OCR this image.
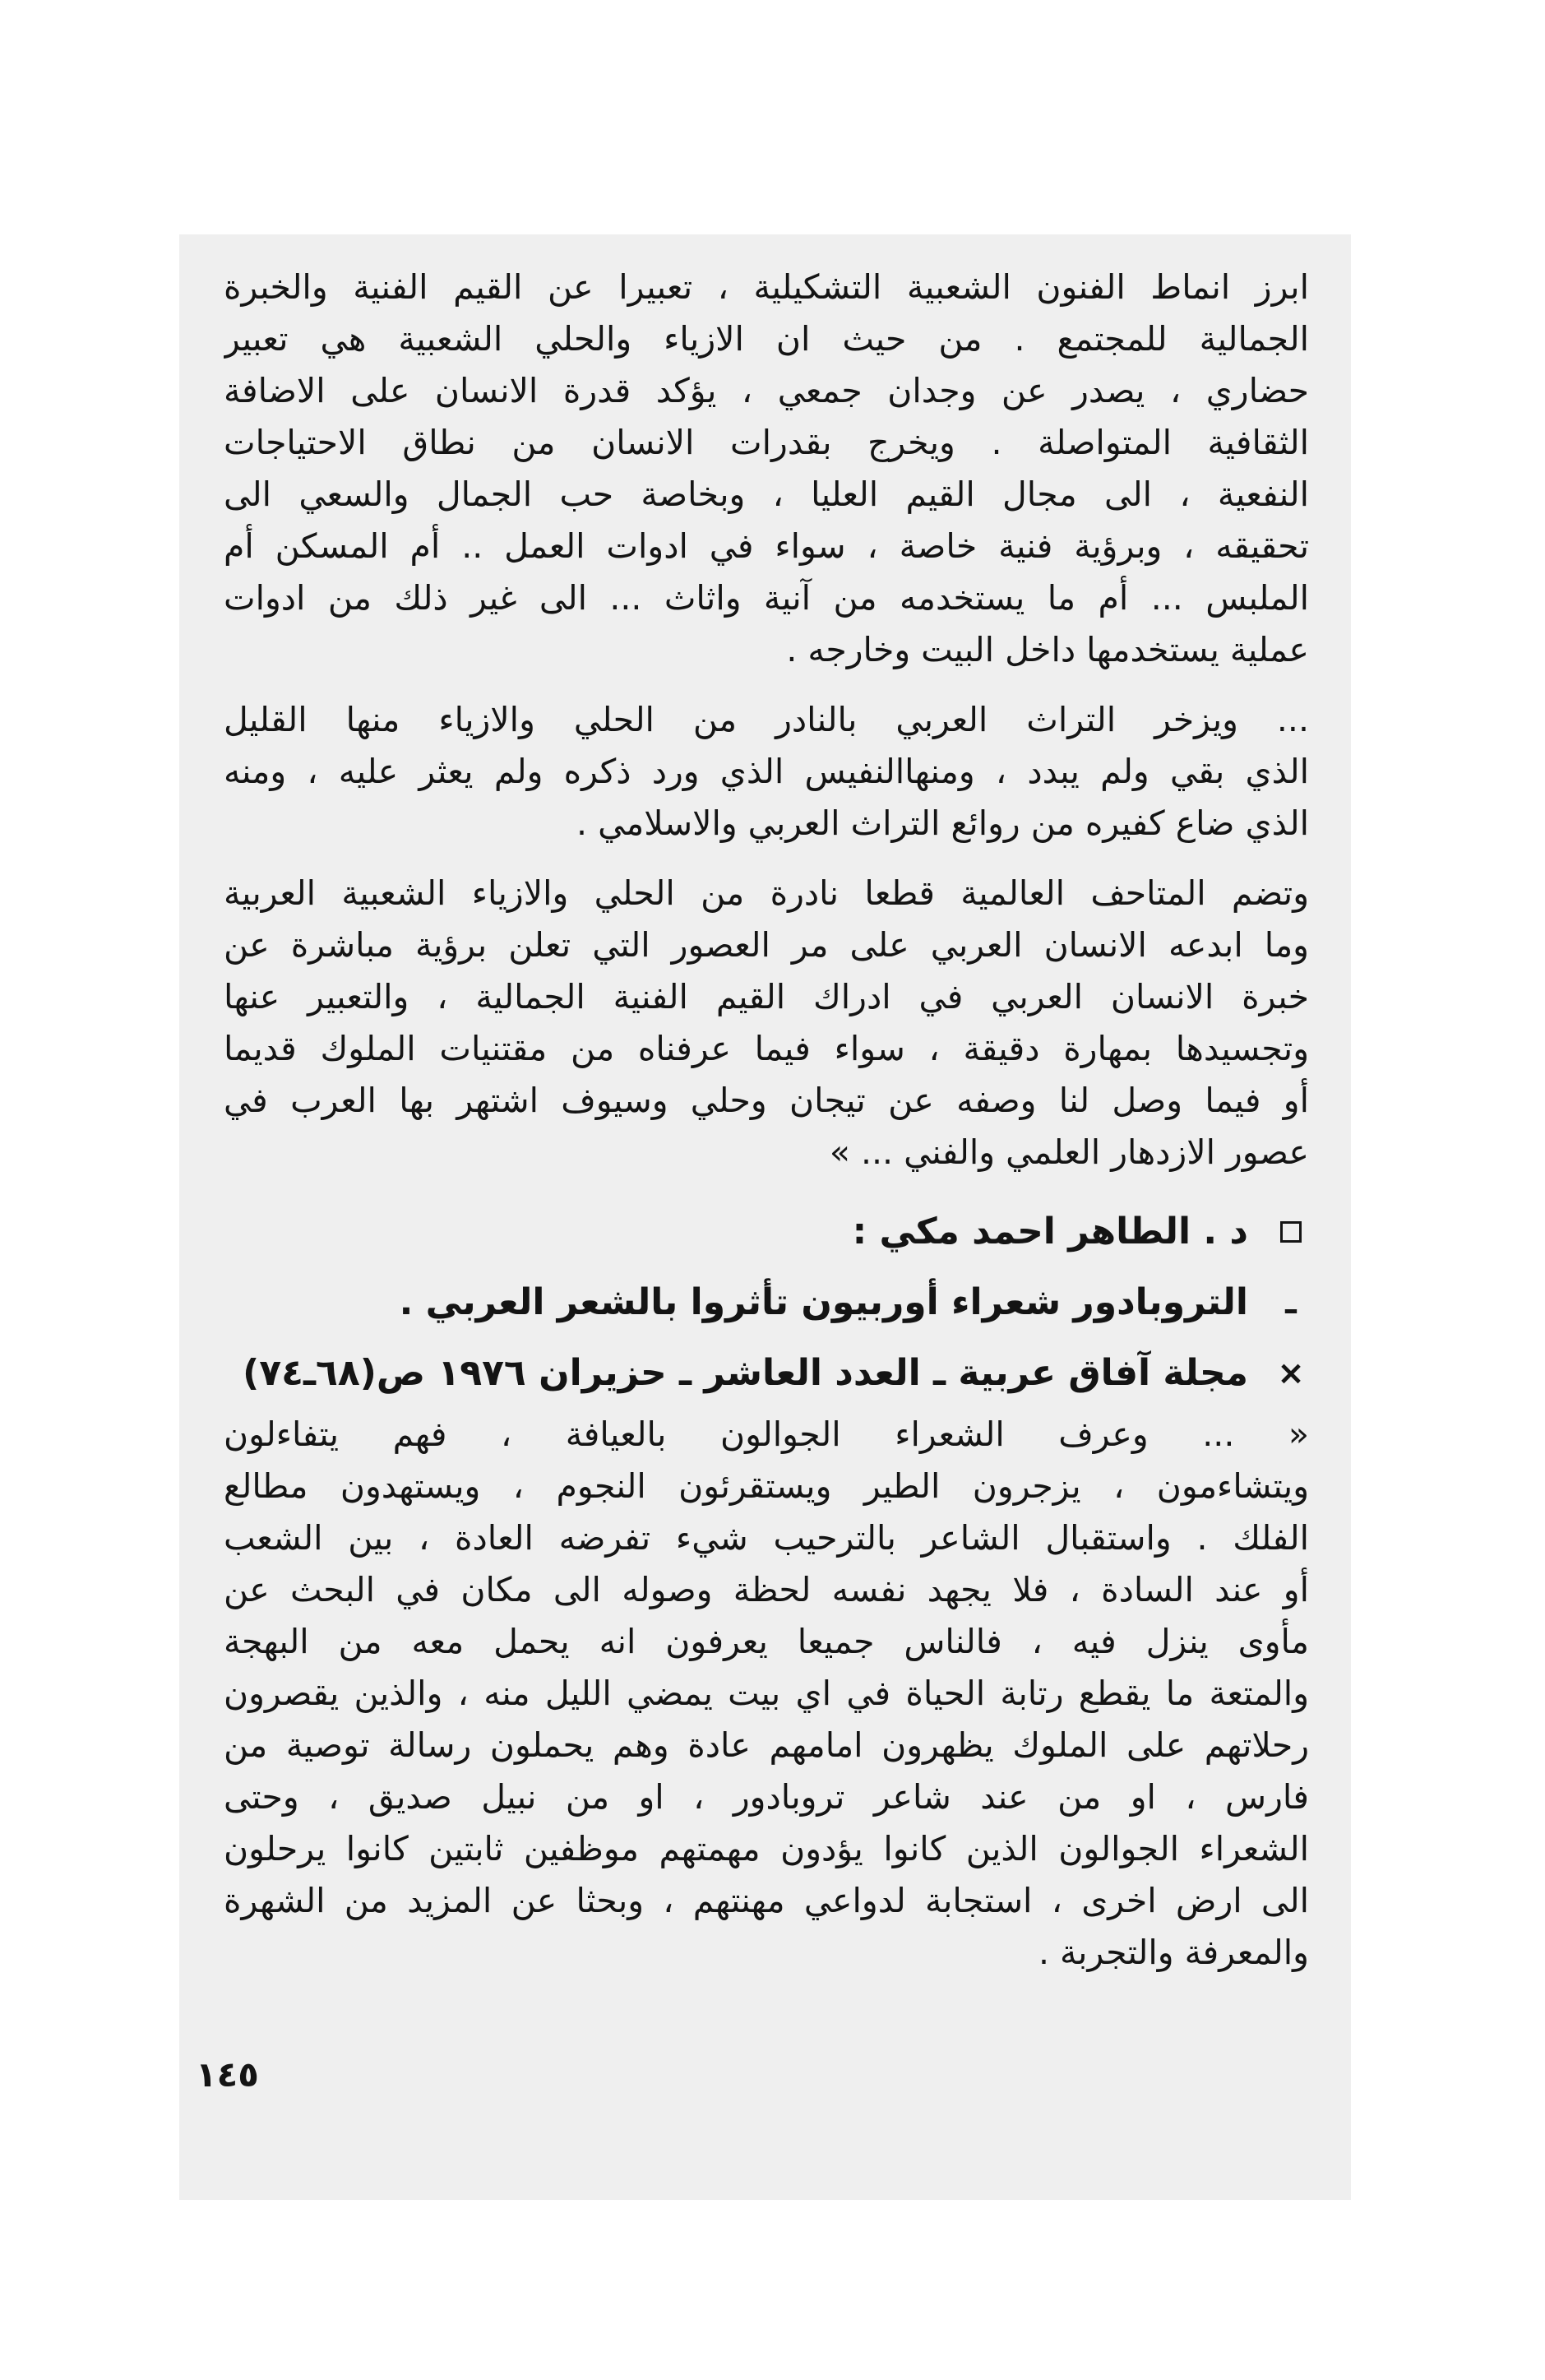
ابرز انماط الفنون الشعبية التشكيلية ، تعبيرا عن القيم الفنية والخبرة
الجمالية للمجتمع . من حيث ان الازياء والحلي الشعبية هي تعبير
حضاري ، يصدر عن وجدان جمعي ، يؤكد قدرة الانسان على الاضافة
الثقافية المتواصلة . ويخرج بقدرات الانسان من نطاق الاحتياجات
النفعية ، الى مجال القيم العليا ، وبخاصة حب الجمال والسعي الى
تحقيقه ، وبرؤية فنية خاصة ، سواء في ادوات العمل .. أم المسكن أم
الملبس ... أم ما يستخدمه من آنية واثاث ... الى غير ذلك من ادوات
عملية يستخدمها داخل البيت وخارجه .
... ويزخر التراث العربي بالنادر من الحلي والازياء منها القليل
الذي بقي ولم يبدد ، ومنهاالنفيس الذي ورد ذكره ولم يعثر عليه ، ومنه
الذي ضاع كفيره من روائع التراث العربي والاسلامي .
وتضم المتاحف العالمية قطعا نادرة من الحلي والازياء الشعبية العربية
وما ابدعه الانسان العربي على مر العصور التي تعلن برؤية مباشرة عن
خبرة الانسان العربي في ادراك القيم الفنية الجمالية ، والتعبير عنها
وتجسيدها بمهارة دقيقة ، سواء فيما عرفناه من مقتنيات الملوك قديما
أو فيما وصل لنا وصفه عن تيجان وحلي وسيوف اشتهر بها العرب في
عصور الازدهار العلمي والفني ... »
د . الطاهر احمد مكي :
ـ
التروبادور شعراء أوربيون تأثروا بالشعر العربي .
×
مجلة آفاق عربية ـ العدد العاشر ـ حزيران ١٩٧٦ ص(٦٨ـ٧٤)
« ... وعرف الشعراء الجوالون بالعيافة ، فهم يتفاءلون
ويتشاءمون ، يزجرون الطير ويستقرئون النجوم ، ويستهدون مطالع
الفلك . واستقبال الشاعر بالترحيب شيء تفرضه العادة ، بين الشعب
أو عند السادة ، فلا يجهد نفسه لحظة وصوله الى مكان في البحث عن
مأوى ينزل فيه ، فالناس جميعا يعرفون انه يحمل معه من البهجة
والمتعة ما يقطع رتابة الحياة في اي بيت يمضي الليل منه ، والذين يقصرون
رحلاتهم على الملوك يظهرون امامهم عادة وهم يحملون رسالة توصية من
فارس ، او من عند شاعر تروبادور ، او من نبيل صديق ، وحتى
الشعراء الجوالون الذين كانوا يؤدون مهمتهم موظفين ثابتين كانوا يرحلون
الى ارض اخرى ، استجابة لدواعي مهنتهم ، وبحثا عن المزيد من الشهرة
والمعرفة والتجربة .
١٤٥
